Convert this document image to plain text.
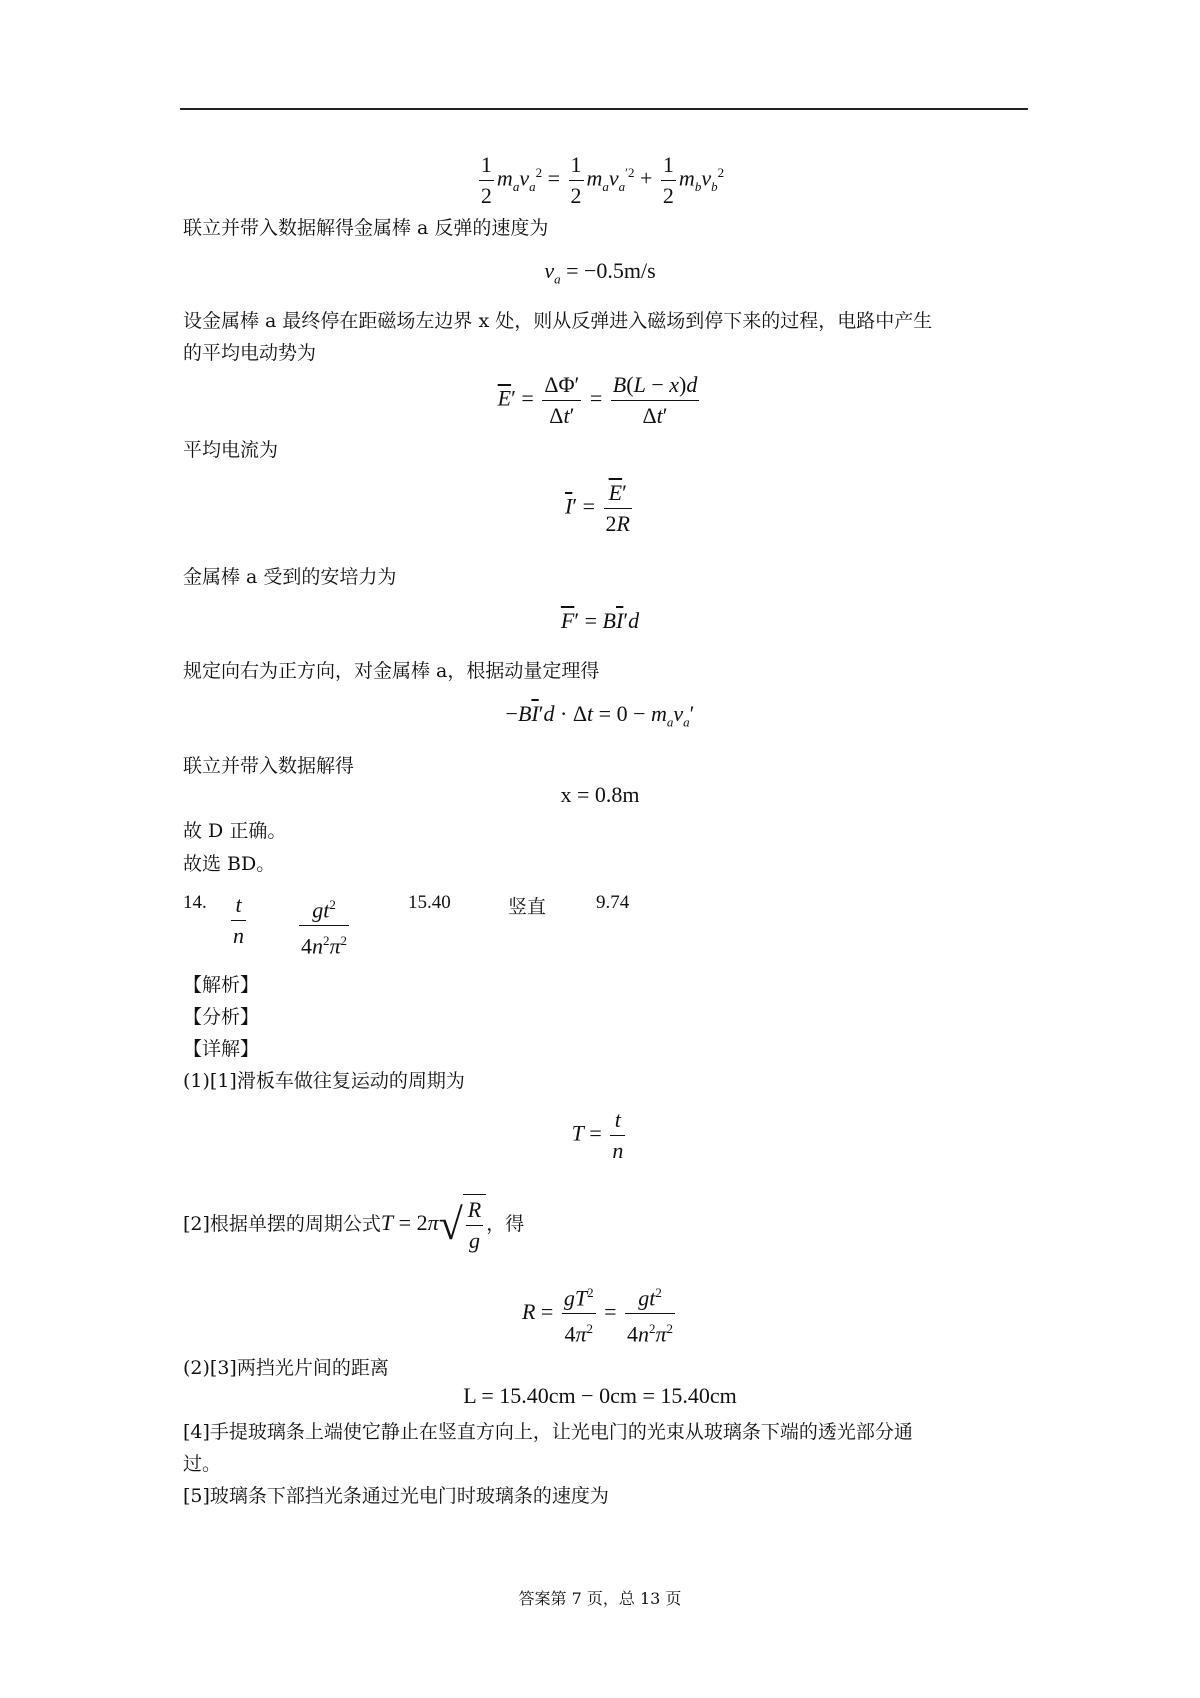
$\frac{1}{2} m_av_a^2 = \frac{1}{2} m_av_a^{'2} + \frac{1}{2} m_bv_b^2$
联立并带入数据解得金属棒 a 反弹的速度为
$v_a = -0.5m/s$
设金属棒 a 最终停在距磁场左边界 x 处，则从反弹进入磁场到停下来的过程，电路中产生
的平均电动势为
$\overline{E}' = \frac{\Delta\Phi'}{\Delta t'} = \frac{B(L - x)d}{\Delta t'}$
平均电流为
$\overline{I}' = \frac{\overline{E}'}{2R}$
金属棒 a 受到的安培力为
$\overline{F}' = B\overline{I}'d$
规定向右为正方向，对金属棒 a，根据动量定理得
$-B\overline{I}'d \cdot \Delta t = 0 - m_av_a'$
联立并带入数据解得
x = 0.8m
故 D 正确。
故选 BD。
14. $\frac{t}{n} \frac{gt^2}{4n^2\pi^2}$	15.40	竖直	9.74
【解析】
【分析】
【详解】
(1)[1]滑板车做往复运动的周期为
$T = \frac{t}{n}$
[2]根据单摆的周期公式$T = 2\pi√ \frac{R}{g}$ ，得
$R = \frac{gT^2}{4\pi^2} = \frac{gt^2}{4n^2\pi^2}$
(2)[3]两挡光片间的距离
L = 15.40cm − 0cm = 15.40cm
[4]手提玻璃条上端使它静止在竖直方向上，让光电门的光束从玻璃条下端的透光部分通
过。
[5]玻璃条下部挡光条通过光电门时玻璃条的速度为
答案第 7 页，总 13 页
